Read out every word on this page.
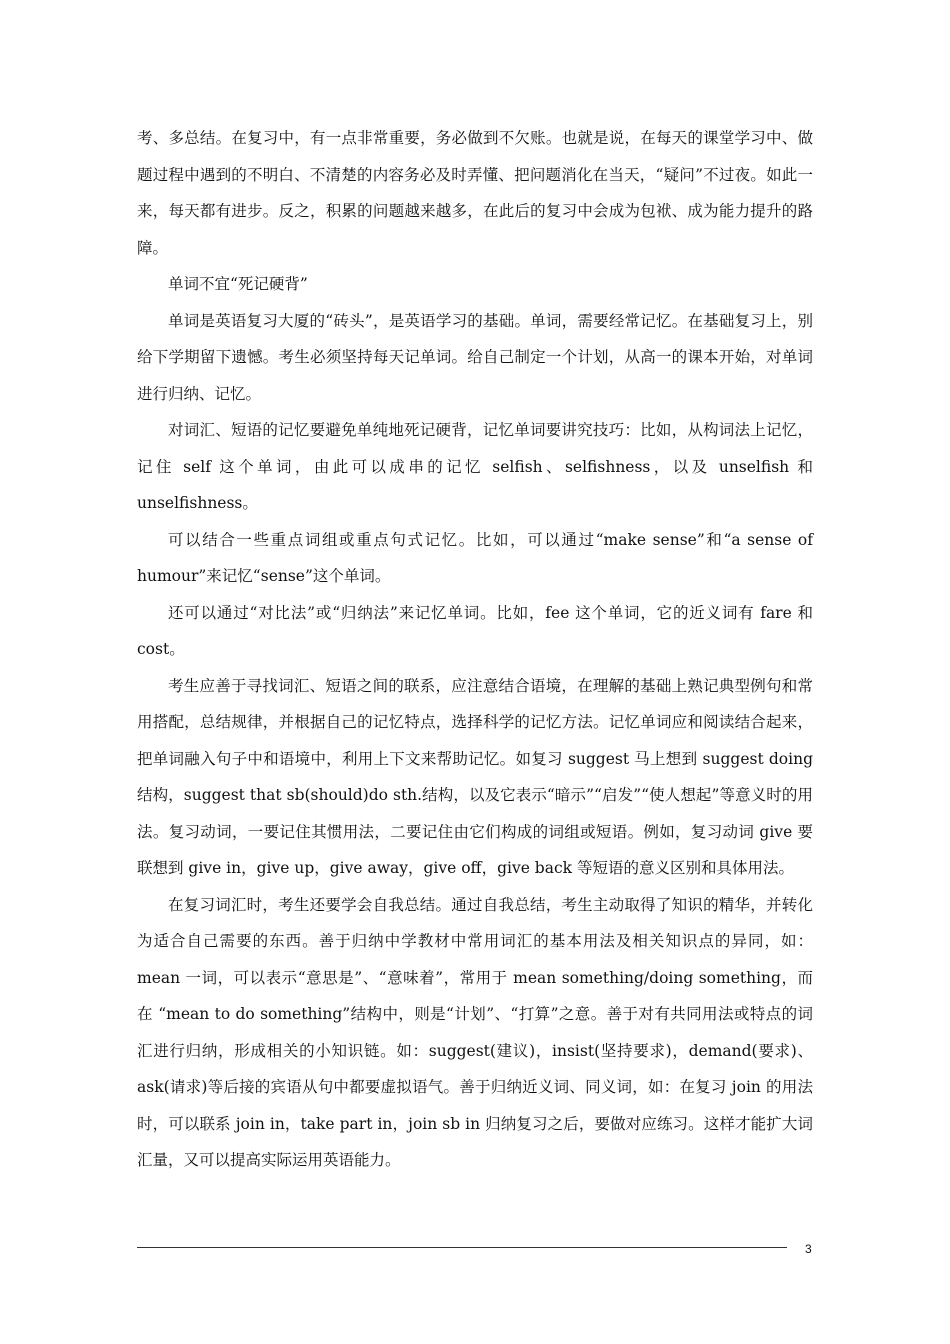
考、多总结。在复习中，有一点非常重要，务必做到不欠账。也就是说，在每天的课堂学习中、做题过程中遇到的不明白、不清楚的内容务必及时弄懂、把问题消化在当天，“疑问”不过夜。如此一来，每天都有进步。反之，积累的问题越来越多，在此后的复习中会成为包袱、成为能力提升的路障。

单词不宜“死记硬背”

单词是英语复习大厦的“砖头”，是英语学习的基础。单词，需要经常记忆。在基础复习上，别给下学期留下遗憾。考生必须坚持每天记单词。给自己制定一个计划，从高一的课本开始，对单词进行归纳、记忆。

对词汇、短语的记忆要避免单纯地死记硬背，记忆单词要讲究技巧：比如，从构词法上记忆，记住 self 这个单词，由此可以成串的记忆 selfish、selfishness，以及 unselfish 和 unselfishness。

可以结合一些重点词组或重点句式记忆。比如，可以通过“make sense”和“a sense of humour”来记忆“sense”这个单词。

还可以通过“对比法”或“归纳法”来记忆单词。比如，fee 这个单词，它的近义词有 fare 和 cost。

考生应善于寻找词汇、短语之间的联系，应注意结合语境，在理解的基础上熟记典型例句和常用搭配，总结规律，并根据自己的记忆特点，选择科学的记忆方法。记忆单词应和阅读结合起来，把单词融入句子中和语境中，利用上下文来帮助记忆。如复习 suggest 马上想到 suggest doing 结构，suggest that sb(should)do sth.结构，以及它表示“暗示”“启发”“使人想起”等意义时的用法。复习动词，一要记住其惯用法，二要记住由它们构成的词组或短语。例如，复习动词 give 要联想到 give in，give up，give away，give off，give back 等短语的意义区别和具体用法。

在复习词汇时，考生还要学会自我总结。通过自我总结，考生主动取得了知识的精华，并转化为适合自己需要的东西。善于归纳中学教材中常用词汇的基本用法及相关知识点的异同，如：mean 一词，可以表示“意思是”、“意味着”，常用于 mean something/doing something，而在 “mean to do something”结构中，则是“计划”、“打算”之意。善于对有共同用法或特点的词汇进行归纳，形成相关的小知识链。如：suggest(建议)，insist(坚持要求)，demand(要求)、ask(请求)等后接的宾语从句中都要虚拟语气。善于归纳近义词、同义词，如：在复习 join 的用法时，可以联系 join in，take part in，join sb in 归纳复习之后，要做对应练习。这样才能扩大词汇量，又可以提高实际运用英语能力。

3
